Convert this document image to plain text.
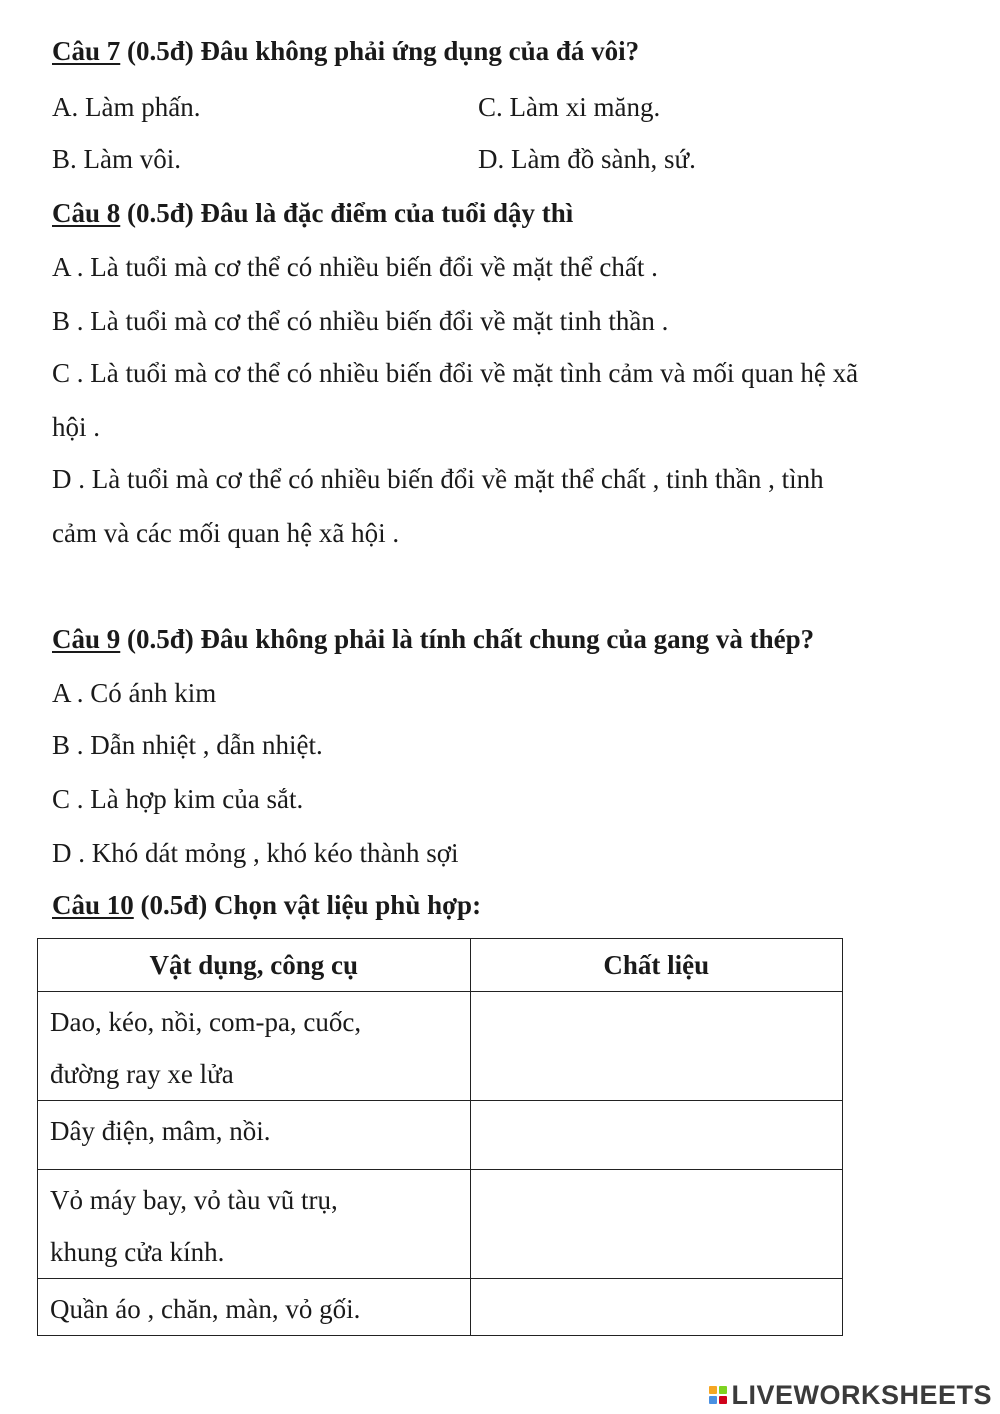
Câu 7 (0.5đ) Đâu không phải ứng dụng của đá vôi?
A. Làm phấn.	C. Làm xi măng.
B. Làm vôi.	D. Làm đồ sành, sứ.
Câu 8 (0.5đ) Đâu là đặc điểm của tuổi dậy thì
A . Là tuổi mà cơ thể có nhiều biến đổi về mặt thể chất .
B . Là tuổi mà cơ thể có nhiều biến đổi về mặt tinh thần .
C . Là tuổi mà cơ thể có nhiều biến đổi về mặt tình cảm và mối quan hệ xã
hội .
D . Là tuổi mà cơ thể có nhiều biến đổi về mặt thể chất , tinh thần , tình
cảm và các mối quan hệ xã hội .
Câu 9 (0.5đ) Đâu không phải là tính chất chung của gang và thép?
A . Có ánh kim
B . Dẫn nhiệt , dẫn nhiệt.
C . Là hợp kim của sắt.
D . Khó dát mỏng , khó kéo thành sợi
Câu 10 (0.5đ) Chọn vật liệu phù hợp:
Vật dụng, công cụ	Chất liệu

Dao, kéo, nồi, com-pa, cuốc,
đường ray xe lửa	

Dây điện, mâm, nồi.	

Vỏ máy bay, vỏ tàu vũ trụ,
khung cửa kính.	

Quần áo , chăn, màn, vỏ gối.	

LIVEWORKSHEETS
